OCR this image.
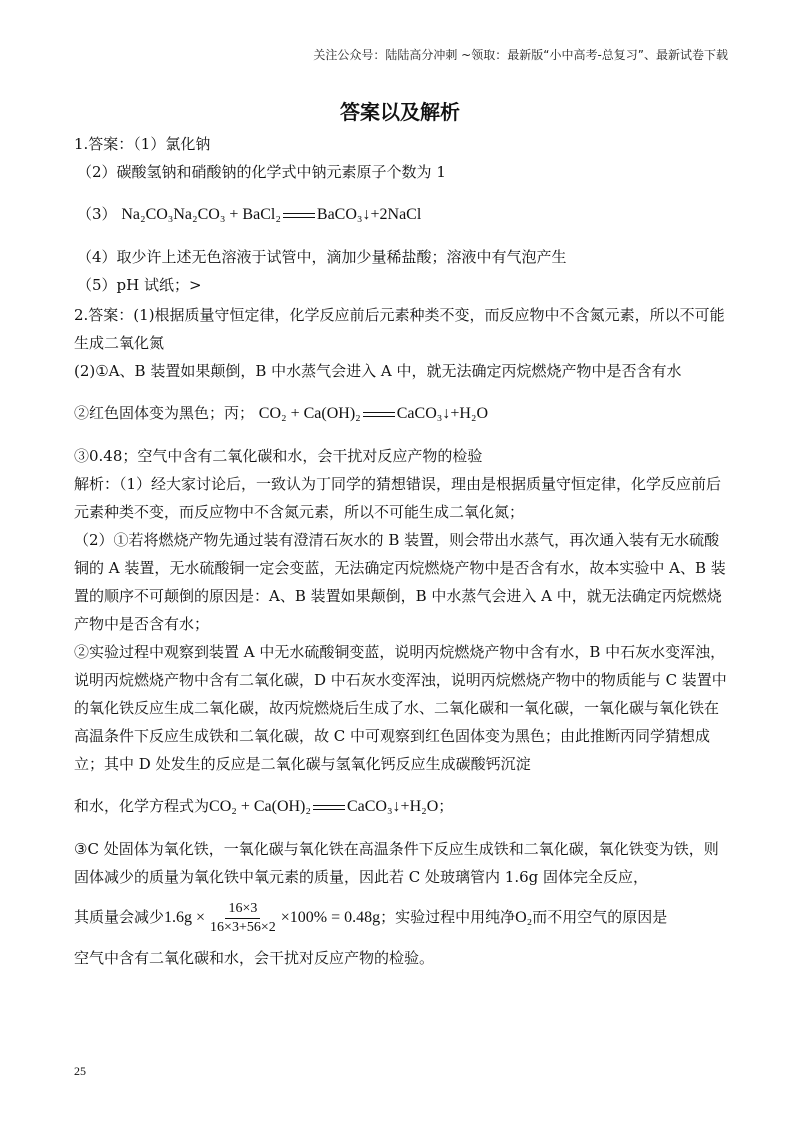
关注公众号：陆陆高分冲刺 ~领取：最新版“小中高考-总复习”、最新试卷下载
答案以及解析

1.答案：（1）氯化钠

（2）碳酸氢钠和硝酸钠的化学式中钠元素原子个数为 1

（3） Na₂CO₃Na₂CO₃ + BaCl₂ BaCO₃↓+2NaCl

（4）取少许上述无色溶液于试管中，滴加少量稀盐酸；溶液中有气泡产生

（5）pH 试纸；>

2.答案：(1)根据质量守恒定律，化学反应前后元素种类不变，而反应物中不含氮元素，所以不可能生成二氧化氮

(2)①A、B 装置如果颠倒，B 中水蒸气会进入 A 中，就无法确定丙烷燃烧产物中是否含有水

②红色固体变为黑色；丙； CO₂ + Ca(OH)₂ CaCO₃↓+H₂O

③0.48；空气中含有二氧化碳和水，会干扰对反应产物的检验

解析：（1）经大家讨论后，一致认为丁同学的猜想错误，理由是根据质量守恒定律，化学反应前后元素种类不变，而反应物中不含氮元素，所以不可能生成二氧化氮；

（2）①若将燃烧产物先通过装有澄清石灰水的 B 装置，则会带出水蒸气，再次通入装有无水硫酸铜的 A 装置，无水硫酸铜一定会变蓝，无法确定丙烷燃烧产物中是否含有水，故本实验中 A、B 装置的顺序不可颠倒的原因是：A、B 装置如果颠倒，B 中水蒸气会进入 A 中，就无法确定丙烷燃烧产物中是否含有水；

②实验过程中观察到装置 A 中无水硫酸铜变蓝，说明丙烷燃烧产物中含有水，B 中石灰水变浑浊，说明丙烷燃烧产物中含有二氧化碳，D 中石灰水变浑浊，说明丙烷燃烧产物中的物质能与 C 装置中的氧化铁反应生成二氧化碳，故丙烷燃烧后生成了水、二氧化碳和一氧化碳，一氧化碳与氧化铁在高温条件下反应生成铁和二氧化碳，故 C 中可观察到红色固体变为黑色；由此推断丙同学猜想成立；其中 D 处发生的反应是二氧化碳与氢氧化钙反应生成碳酸钙沉淀

和水，化学方程式为CO₂ + Ca(OH)₂ CaCO₃↓+H₂O；

③C 处固体为氧化铁，一氧化碳与氧化铁在高温条件下反应生成铁和二氧化碳，氧化铁变为铁，则固体减少的质量为氧化铁中氧元素的质量，因此若 C 处玻璃管内 1.6g 固体完全反应，

其质量会减少$1.6g \times \frac{16\times 3}{16\times 3+56\times 2} \times 100\% = 0.48g$；实验过程中用纯净O₂而不用空气的原因是

空气中含有二氧化碳和水，会干扰对反应产物的检验。

25
